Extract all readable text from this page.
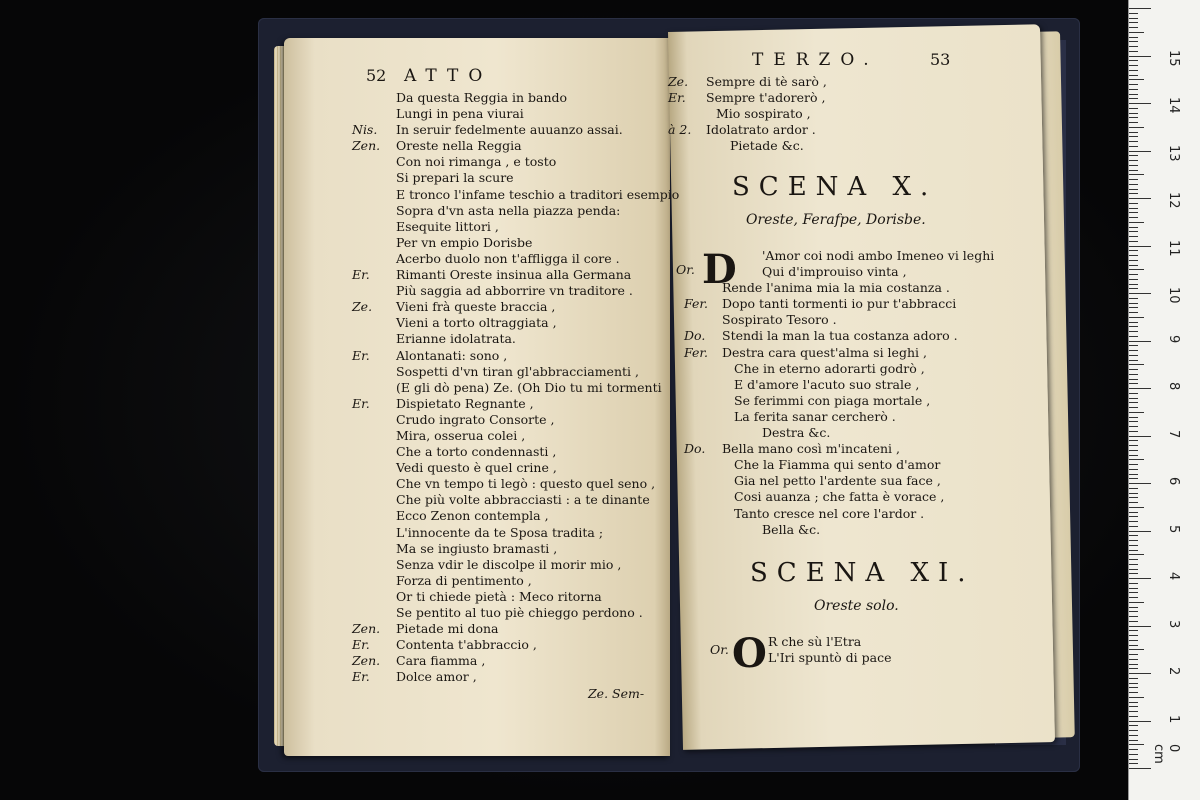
52 ATTO
Da questa Reggia in bando
Lungi in pena viurai
Nis. In seruir fedelmente auuanzo assai.
Zen. Oreste nella Reggia
Con noi rimanga , e tosto
Si prepari la scure
E tronco l'infame teschio a traditori esempio
Sopra d'vn asta nella piazza penda:
Esequite littori ,
Per vn empio Dorisbe
Acerbo duolo non t'affligga il core .
Er. Rimanti Oreste insinua alla Germana
Più saggia ad abborrire vn traditore .
Ze. Vieni frà queste braccia ,
Vieni a torto oltraggiata ,
Erianne idolatrata.
Er. Alontanati: sono ,
Sospetti d'vn tiran gl'abbracciamenti ,
(E gli dò pena) Ze. (Oh Dio tu mi tormenti
Er. Dispietato Regnante ,
Crudo ingrato Consorte ,
Mira, osserua colei ,
Che a torto condennasti ,
Vedi questo è quel crine ,
Che vn tempo ti legò : questo quel seno ,
Che più volte abbracciasti : a te dinante
Ecco Zenon contempla ,
L'innocente da te Sposa tradita ;
Ma se ingiusto bramasti ,
Senza vdir le discolpe il morir mio ,
Forza di pentimento ,
Or ti chiede pietà : Meco ritorna
Se pentito al tuo piè chieggo perdono .
Zen. Pietade mi dona
Er. Contenta t'abbraccio ,
Zen. Cara fiamma ,
Er. Dolce amor ,
Ze. Sem-
TERZO.	53
Ze. Sempre di tè sarò ,
Er. Sempre t'adorerò ,
Mio sospirato ,
à 2. Idolatrato ardor .
Pietade &c.
SCENA X.
Oreste, Ferafpe, Dorisbe.
Or. D	'Amor coi nodi ambo Imeneo vi leghi
Qui d'improuiso vinta ,
Rende l'anima mia la mia costanza .
Fer. Dopo tanti tormenti io pur t'abbracci
Sospirato Tesoro .
Do. Stendi la man la tua costanza adoro .
Fer. Destra cara quest'alma si leghi ,
Che in eterno adorarti godrò ,
E d'amore l'acuto suo strale ,
Se ferimmi con piaga mortale ,
La ferita sanar cercherò .
Destra &c.
Do. Bella mano così m'incateni ,
Che la Fiamma qui sento d'amor
Gia nel petto l'ardente sua face ,
Cosi auanza ; che fatta è vorace ,
Tanto cresce nel core l'ardor .
Bella &c.
SCENA XI.
Oreste solo.
Or. O R che sù l'Etra
L'Iri spuntò di pace
1
2
3
4
5
6
7
8
9
10
11
12
13
14
15
0 cm
